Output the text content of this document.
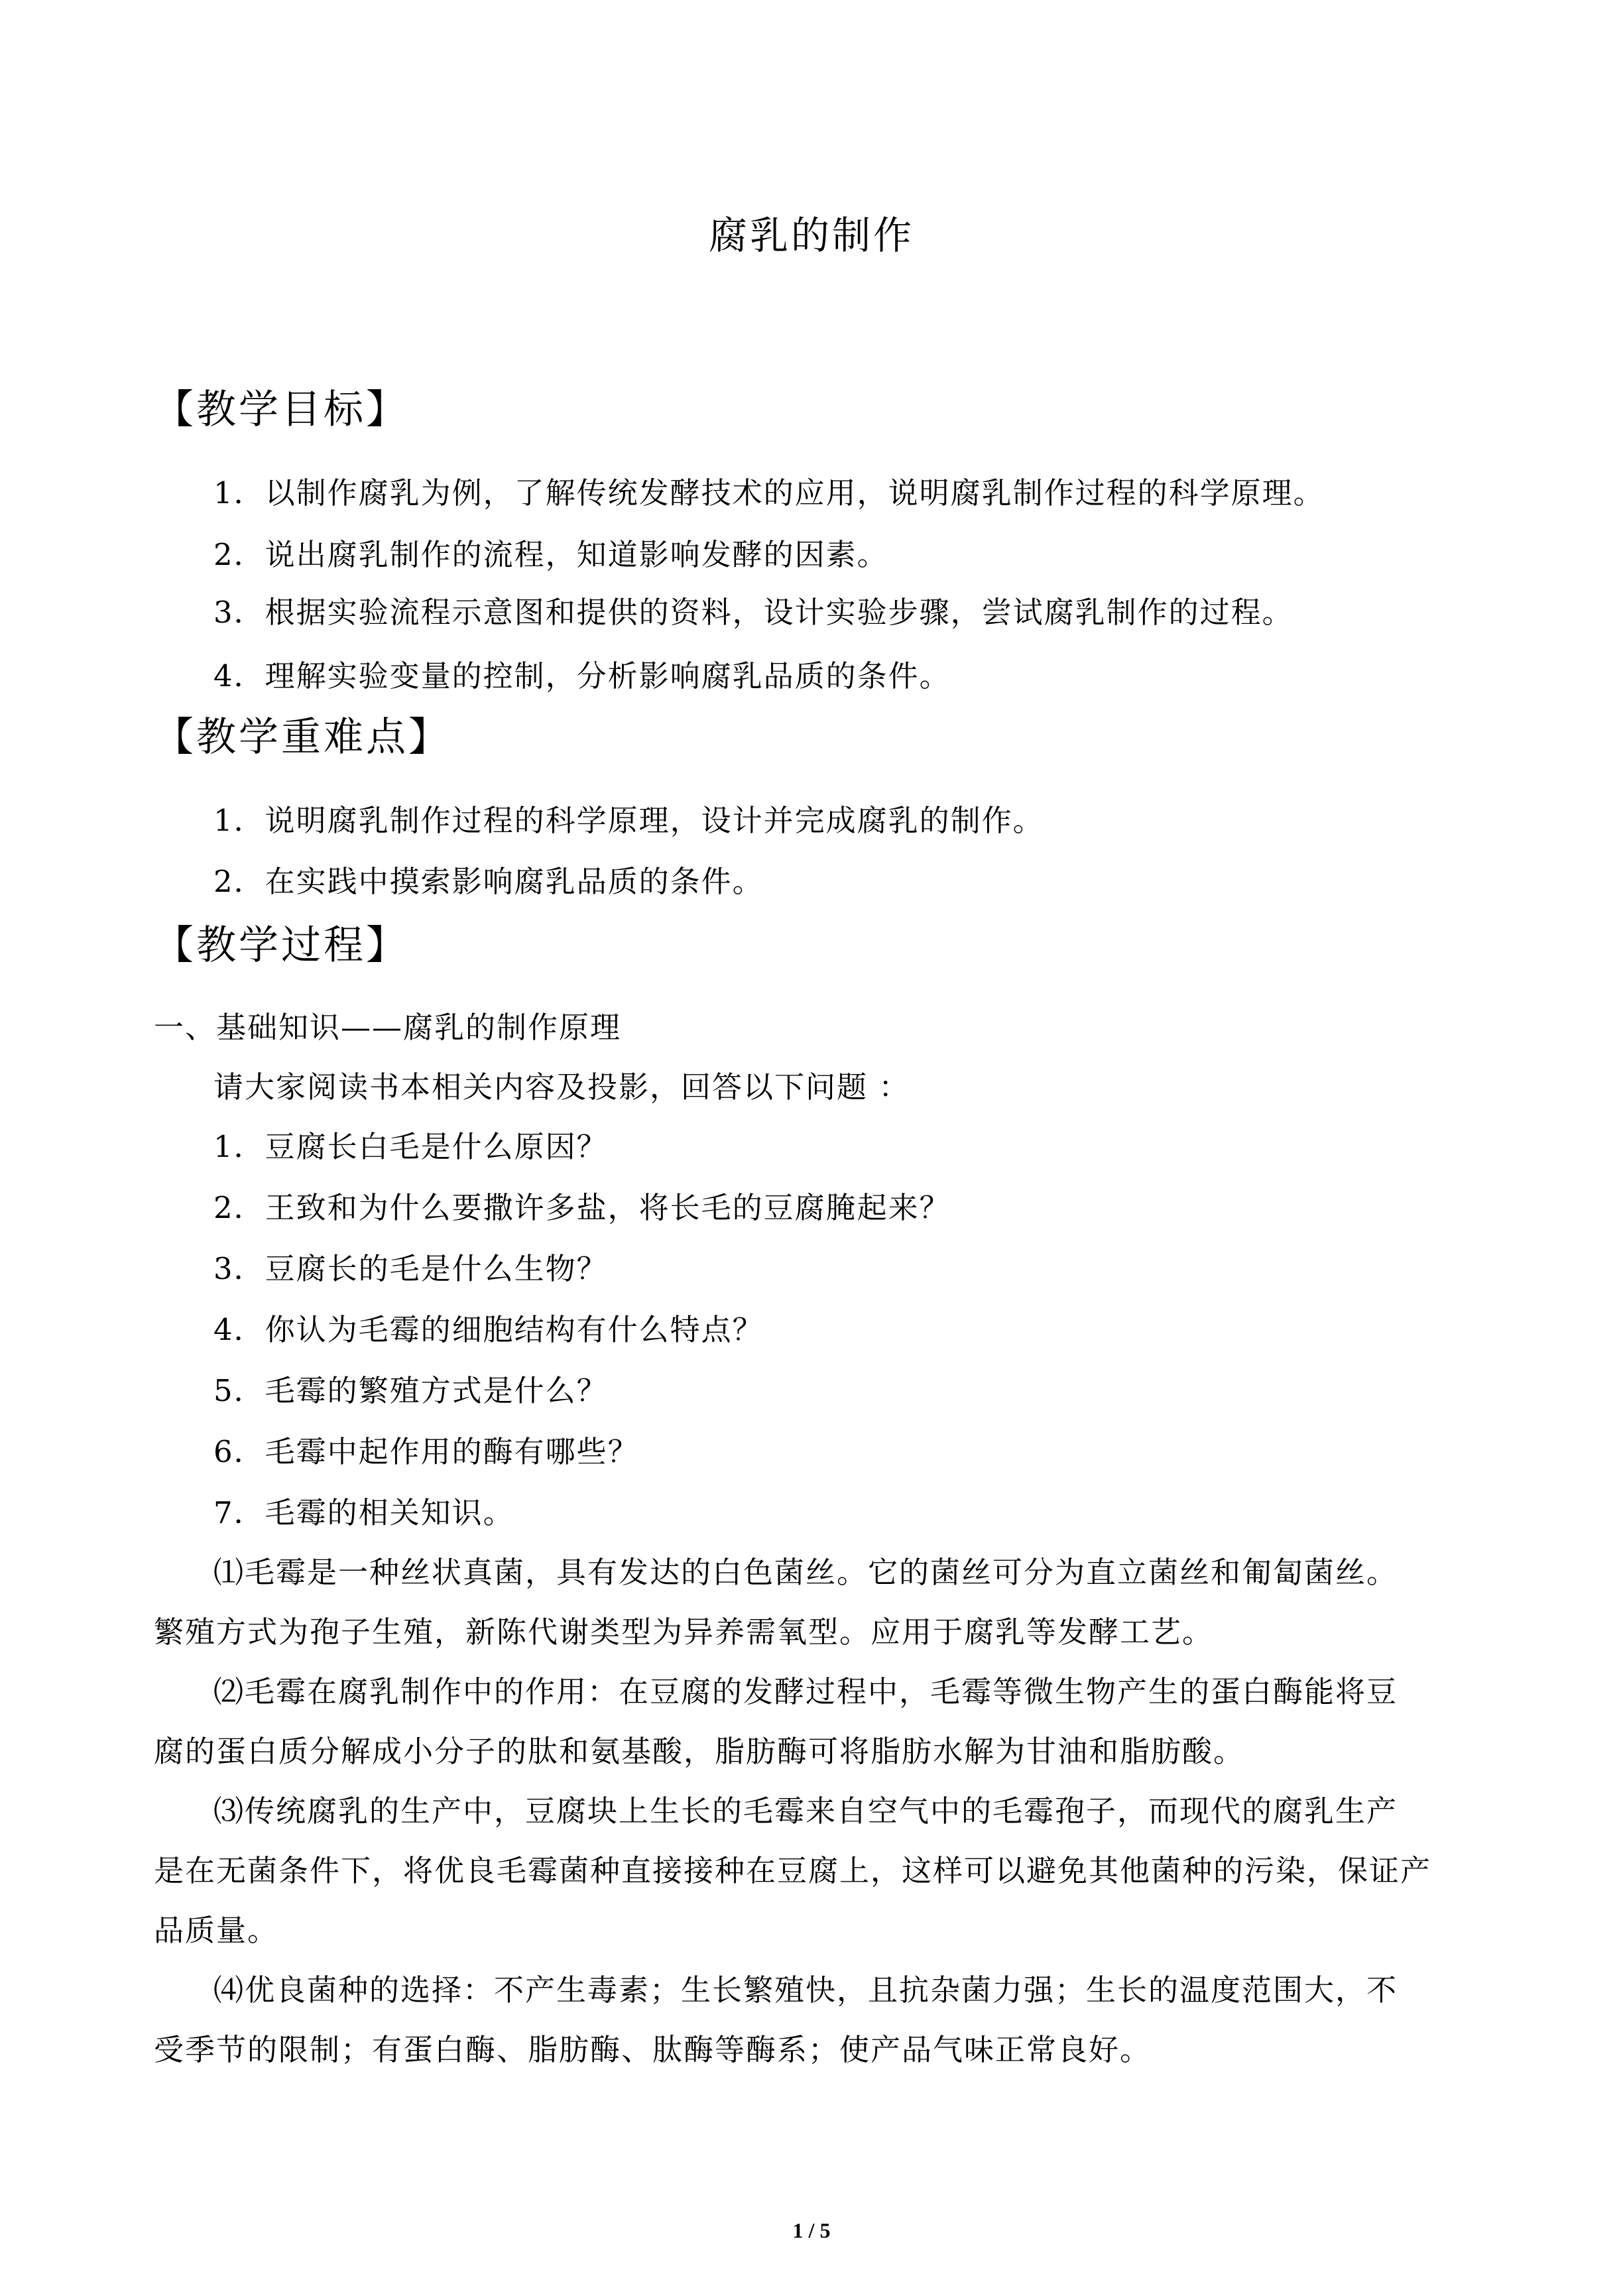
腐乳的制作
【教学目标】
1．以制作腐乳为例，了解传统发酵技术的应用，说明腐乳制作过程的科学原理。
2．说出腐乳制作的流程，知道影响发酵的因素。
3．根据实验流程示意图和提供的资料，设计实验步骤，尝试腐乳制作的过程。
4．理解实验变量的控制，分析影响腐乳品质的条件。
【教学重难点】
1．说明腐乳制作过程的科学原理，设计并完成腐乳的制作。
2．在实践中摸索影响腐乳品质的条件。
【教学过程】
一、基础知识——腐乳的制作原理
请大家阅读书本相关内容及投影，回答以下问题 ：
1．豆腐长白毛是什么原因？
2．王致和为什么要撒许多盐，将长毛的豆腐腌起来？
3．豆腐长的毛是什么生物？
4．你认为毛霉的细胞结构有什么特点？
5．毛霉的繁殖方式是什么？
6．毛霉中起作用的酶有哪些？
7．毛霉的相关知识。
⑴毛霉是一种丝状真菌，具有发达的白色菌丝。它的菌丝可分为直立菌丝和匍匐菌丝。
繁殖方式为孢子生殖，新陈代谢类型为异养需氧型。应用于腐乳等发酵工艺。
⑵毛霉在腐乳制作中的作用：在豆腐的发酵过程中，毛霉等微生物产生的蛋白酶能将豆
腐的蛋白质分解成小分子的肽和氨基酸，脂肪酶可将脂肪水解为甘油和脂肪酸。
⑶传统腐乳的生产中，豆腐块上生长的毛霉来自空气中的毛霉孢子，而现代的腐乳生产
是在无菌条件下，将优良毛霉菌种直接接种在豆腐上，这样可以避免其他菌种的污染，保证产
品质量。
⑷优良菌种的选择：不产生毒素；生长繁殖快，且抗杂菌力强；生长的温度范围大，不
受季节的限制；有蛋白酶、脂肪酶、肽酶等酶系；使产品气味正常良好。
1 / 5
